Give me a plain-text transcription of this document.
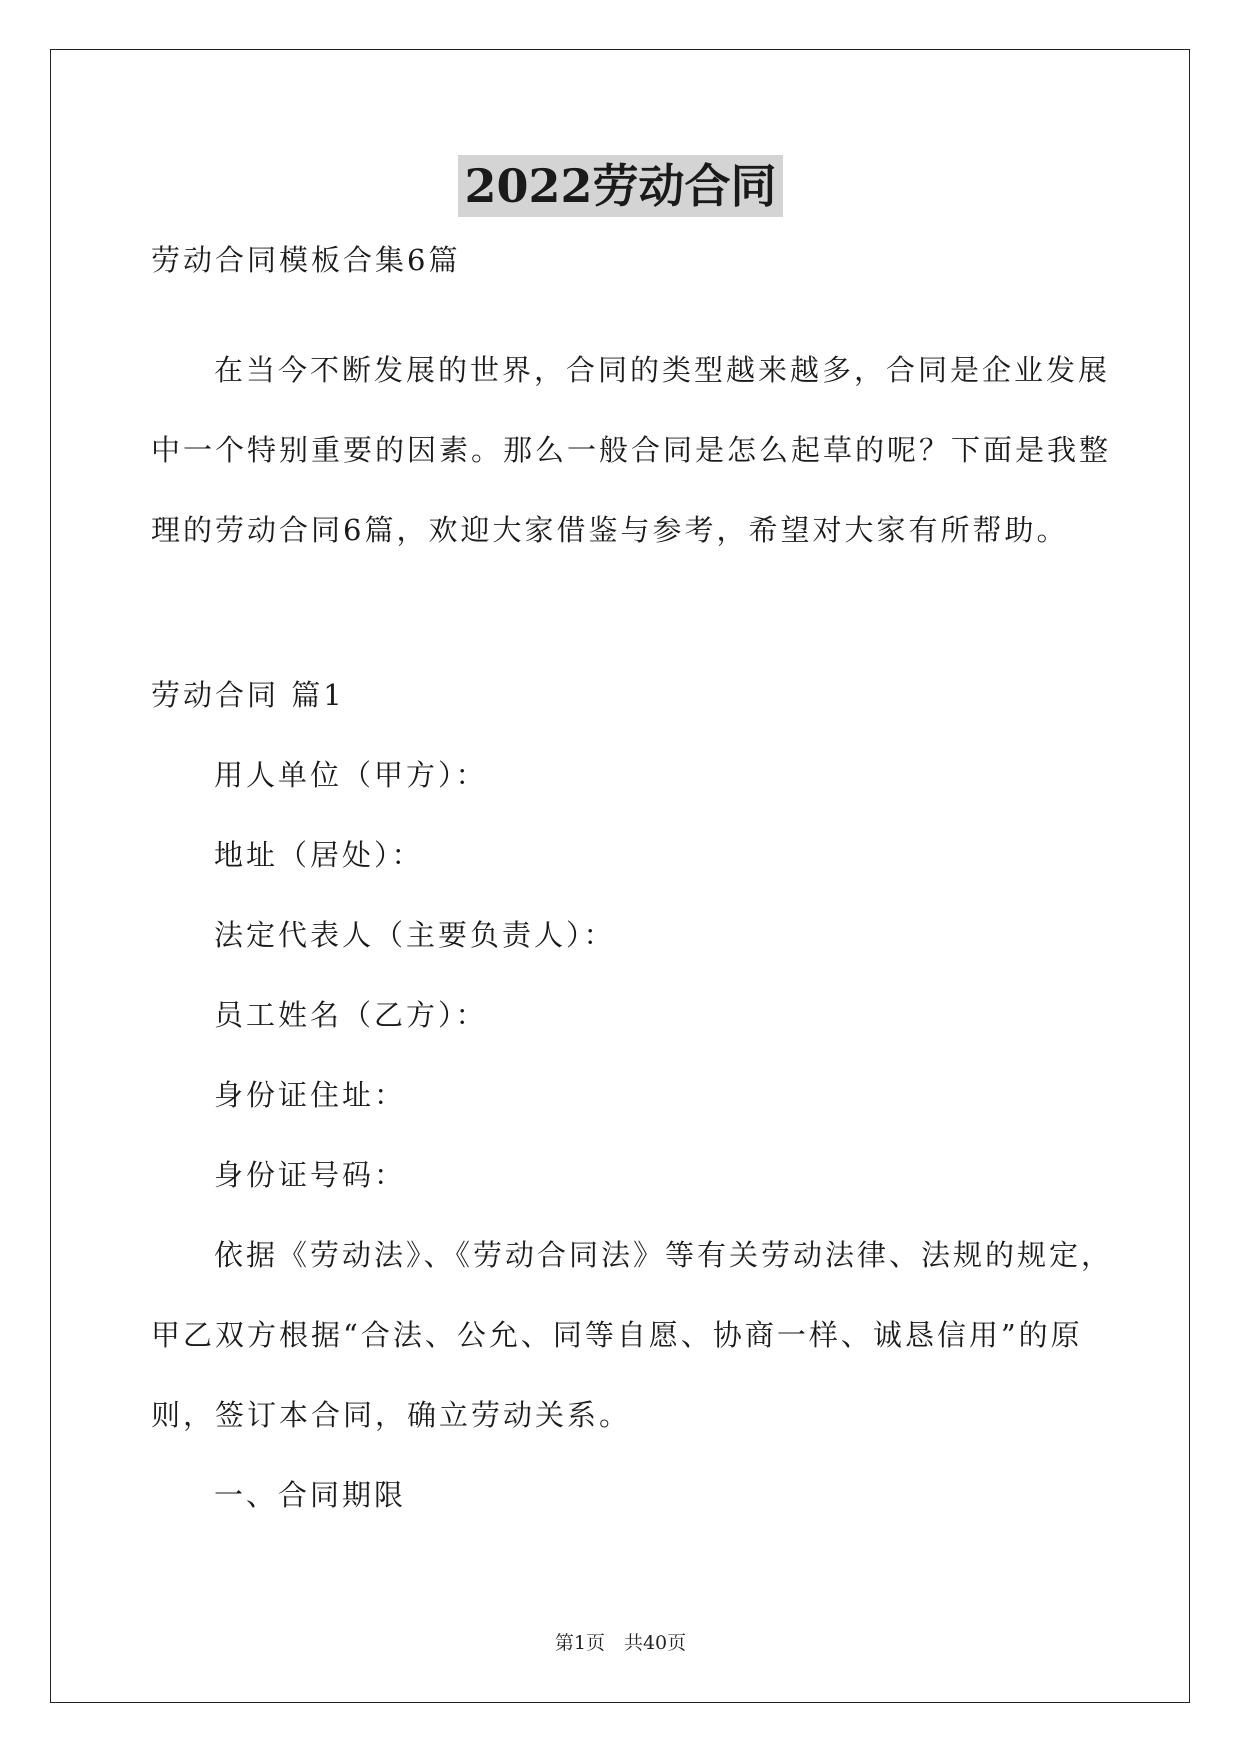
2022劳动合同
劳动合同模板合集6篇
在当今不断发展的世界，合同的类型越来越多，合同是企业发展
中一个特别重要的因素。那么一般合同是怎么起草的呢？下面是我整
理的劳动合同6篇，欢迎大家借鉴与参考，希望对大家有所帮助。
劳动合同 篇1
用人单位（甲方）：
地址（居处）：
法定代表人（主要负责人）：
员工姓名（乙方）：
身份证住址：
身份证号码：
依据《劳动法》、《劳动合同法》等有关劳动法律、法规的规定，
甲乙双方根据“合法、公允、同等自愿、协商一样、诚恳信用”的原
则，签订本合同，确立劳动关系。
一、合同期限
第1页　共40页
